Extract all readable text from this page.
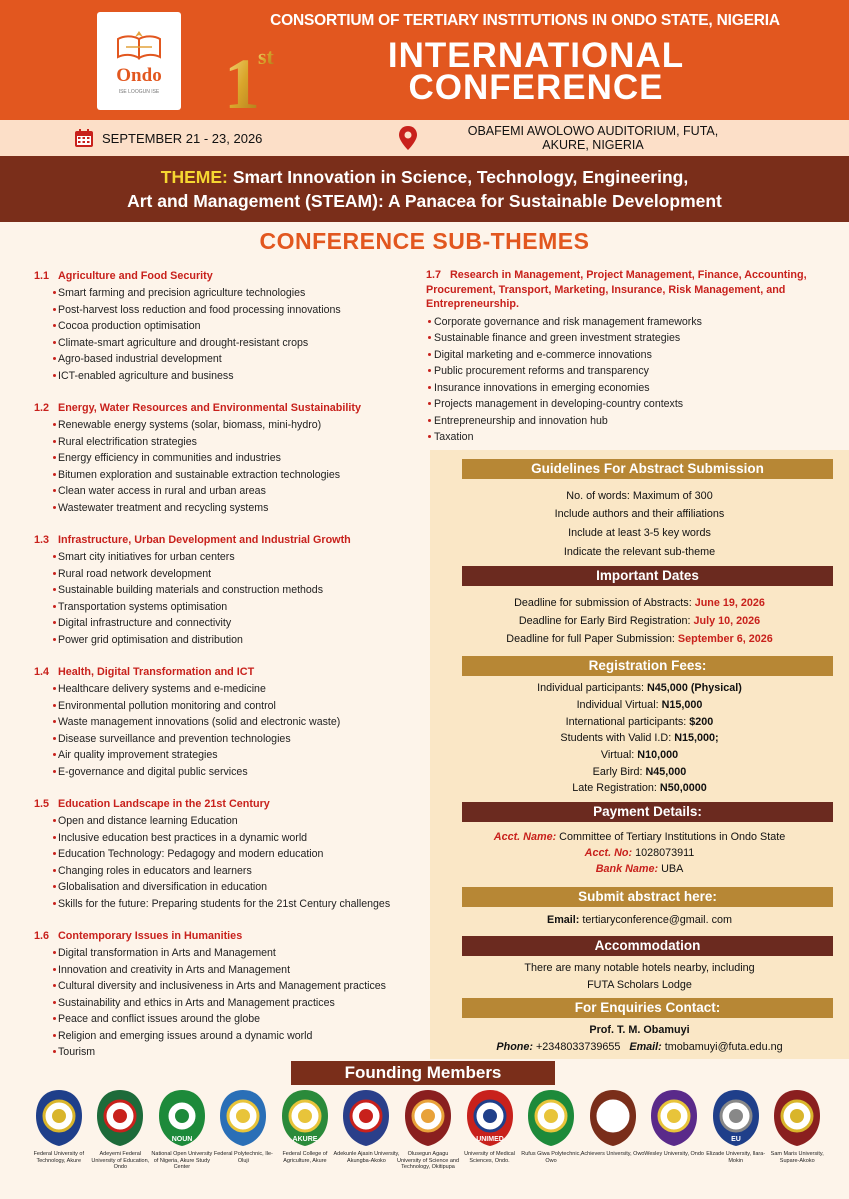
Ondo
ISE LOOGUN ISE 1
st
CONSORTIUM OF TERTIARY INSTITUTIONS IN ONDO STATE, NIGERIA
INTERNATIONAL
CONFERENCE
SEPTEMBER 21 - 23, 2026	OBAFEMI AWOLOWO AUDITORIUM, FUTA,
AKURE, NIGERIA
THEME: Smart Innovation in Science, Technology, Engineering,
Art and Management (STEAM): A Panacea for Sustainable Development
CONFERENCE SUB-THEMES
1.1 Agriculture and Food Security
Smart farming and precision agriculture technologies
Post-harvest loss reduction and food processing innovations
Cocoa production optimisation
Climate-smart agriculture and drought-resistant crops
Agro-based industrial development
ICT-enabled agriculture and business
1.2 Energy, Water Resources and Environmental Sustainability
Renewable energy systems (solar, biomass, mini-hydro)
Rural electrification strategies
Energy efficiency in communities and industries
Bitumen exploration and sustainable extraction technologies
Clean water access in rural and urban areas
Wastewater treatment and recycling systems
1.3 Infrastructure, Urban Development and Industrial Growth
Smart city initiatives for urban centers
Rural road network development
Sustainable building materials and construction methods
Transportation systems optimisation
Digital infrastructure and connectivity
Power grid optimisation and distribution
1.4 Health, Digital Transformation and ICT
Healthcare delivery systems and e-medicine
Environmental pollution monitoring and control
Waste management innovations (solid and electronic waste)
Disease surveillance and prevention technologies
Air quality improvement strategies
E-governance and digital public services
1.5 Education Landscape in the 21st Century
Open and distance learning Education
Inclusive education best practices in a dynamic world
Education Technology: Pedagogy and modern education
Changing roles in educators and learners
Globalisation and diversification in education
Skills for the future: Preparing students for the 21st Century challenges
1.6 Contemporary Issues in Humanities
Digital transformation in Arts and Management
Innovation and creativity in Arts and Management
Cultural diversity and inclusiveness in Arts and Management practices
Sustainability and ethics in Arts and Management practices
Peace and conflict issues around the globe
Religion and emerging issues around a dynamic world
Tourism
1.7 Research in Management, Project Management, Finance, Accounting,
Procurement, Transport, Marketing, Insurance, Risk Management, and
Entrepreneurship.
Corporate governance and risk management frameworks
Sustainable finance and green investment strategies
Digital marketing and e-commerce innovations
Public procurement reforms and transparency
Insurance innovations in emerging economies
Projects management in developing-country contexts
Entrepreneurship and innovation hub
Taxation
Guidelines For Abstract Submission
No. of words: Maximum of 300
Include authors and their affiliations
Include at least 3-5 key words
Indicate the relevant sub-theme
Important Dates
Deadline for submission of Abstracts: June 19, 2026
Deadline for Early Bird Registration: July 10, 2026
Deadline for full Paper Submission: September 6, 2026
Registration Fees:
Individual participants: N45,000 (Physical)
Individual Virtual: N15,000
International participants: $200
Students with Valid I.D: N15,000;
Virtual: N10,000
Early Bird: N45,000
Late Registration: N50,0000
Payment Details:
Acct. Name: Committee of Tertiary Institutions in Ondo State
Acct. No: 1028073911
Bank Name: UBA
Submit abstract here:
Email: tertiaryconference@gmail. com
Accommodation
There are many notable hotels nearby, including
FUTA Scholars Lodge
For Enquiries Contact:
Prof. T. M. Obamuyi
Phone: +2348033739655 Email: tmobamuyi@futa.edu.ng
Founding Members
Federal University of Technology, Akure
Adeyemi Federal University of Education, Ondo
NOUN
National Open University of Nigeria, Akure Study Center
Federal Polytechnic, Ile-Oluji
AKURE
Federal College of Agriculture, Akure
Adekunle Ajasin University, Akungba-Akoko
Olusegun Agagu University of Science and Technology, Okitipupa
UNIMED
University of Medical Sciences, Ondo.
Rufus Giwa Polytechnic, Owo
Achievers University, Owo Wesley University, Ondo
EU
Elizade University, Ilara-Mokin
Sam Maris University, Supare-Akoko
